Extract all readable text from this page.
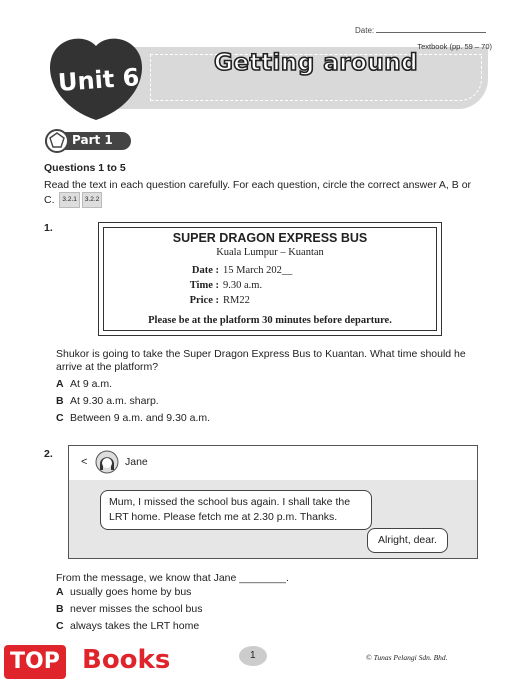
Date:
Textbook (pp. 59 – 70)
Getting around
Unit 6
Part 1
Questions 1 to 5
Read the text in each question carefully. For each question, circle the correct answer A, B or C. 3.2.1 3.2.2
1.
SUPER DRAGON EXPRESS BUS
Kuala Lumpur – Kuantan
Date : 15 March 202__
Time : 9.30 a.m.
Price : RM22
Please be at the platform 30 minutes before departure.
Shukor is going to take the Super Dragon Express Bus to Kuantan. What time should he arrive at the platform?
A At 9 a.m.
B At 9.30 a.m. sharp.
C Between 9 a.m. and 9.30 a.m.
2.
<	Jane
Mum, I missed the school bus again. I shall take the LRT home. Please fetch me at 2.30 p.m. Thanks.
Alright, dear.
From the message, we know that Jane ________.
A usually goes home by bus
B never misses the school bus
C always takes the LRT home
1	© Tunas Pelangi Sdn. Bhd.
TOP Books
